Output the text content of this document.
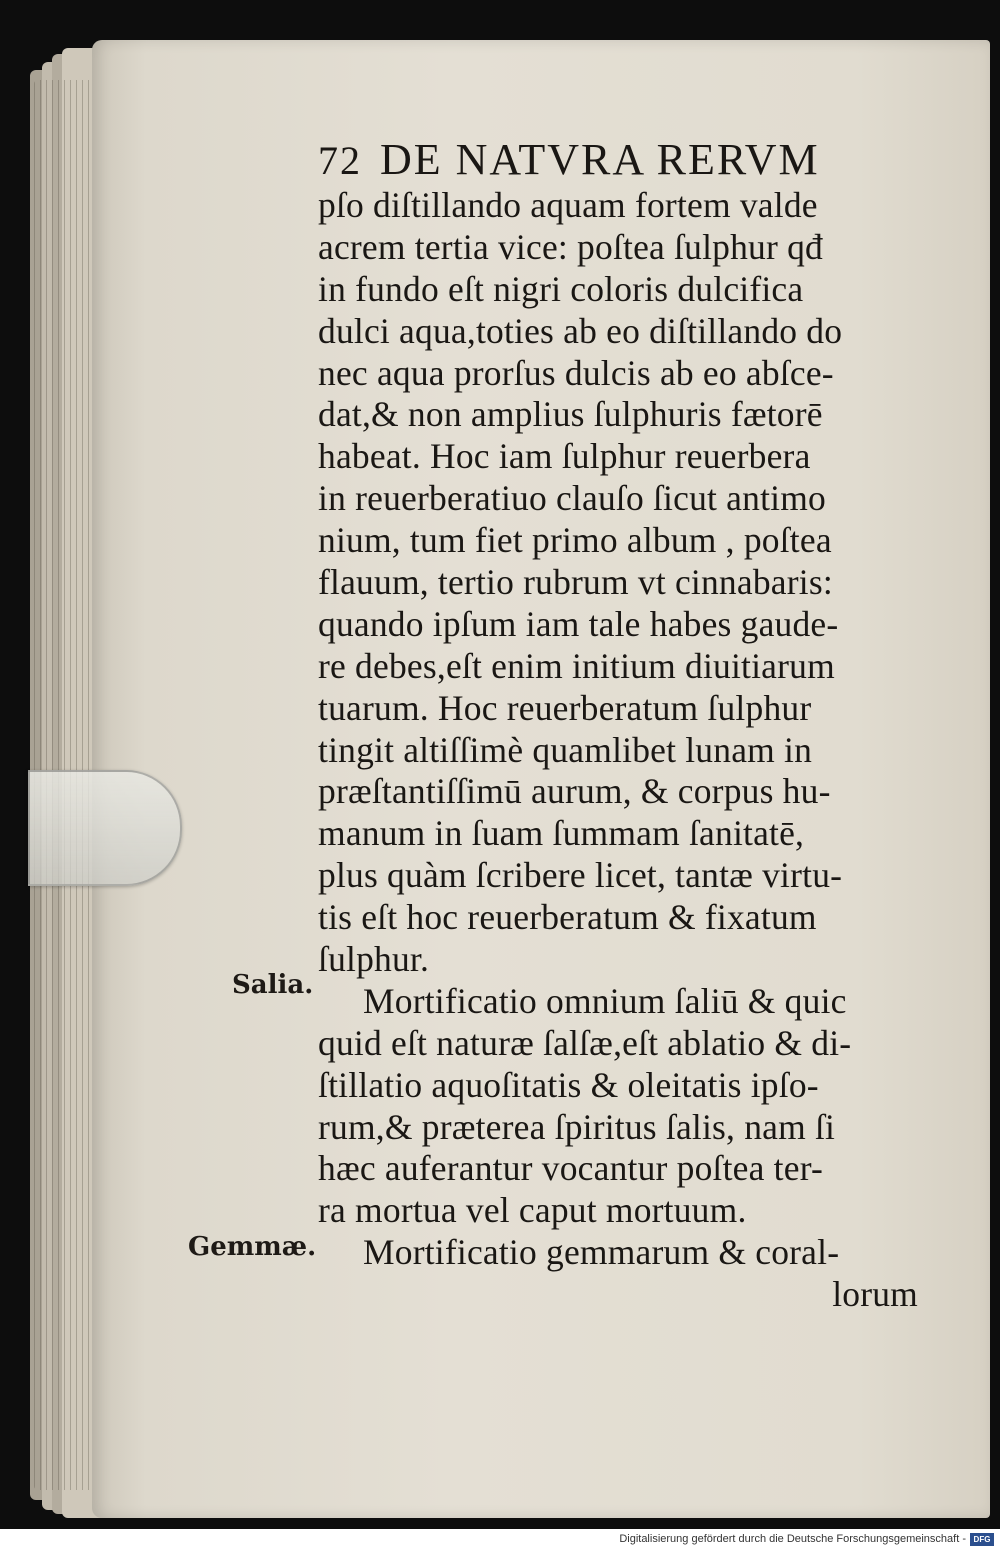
72 DE NATVRA RERVM
pſo diſtillando aquam fortem valde
acrem tertia vice: poſtea ſulphur qđ
in fundo eſt nigri coloris dulcifica
dulci aqua,toties ab eo diſtillando do
nec aqua prorſus dulcis ab eo abſce-
dat,& non amplius ſulphuris fætorē
habeat. Hoc iam ſulphur reuerbera
in reuerberatiuo clauſo ſicut antimo
nium, tum fiet primo album , poſtea
flauum, tertio rubrum vt cinnabaris:
quando ipſum iam tale habes gaude-
re debes,eſt enim initium diuitiarum
tuarum. Hoc reuerberatum ſulphur
tingit altiſſimè quamlibet lunam in
præſtantiſſimū aurum, & corpus hu-
manum in ſuam ſummam ſanitatē,
plus quàm ſcribere licet, tantæ virtu-
tis eſt hoc reuerberatum & fixatum
ſulphur.
Mortificatio omnium ſaliū & quic
quid eſt naturæ ſalſæ,eſt ablatio & di-
ſtillatio aquoſitatis & oleitatis ipſo-
rum,& præterea ſpiritus ſalis, nam ſi
hæc auferantur vocantur poſtea ter-
ra mortua vel caput mortuum.
Mortificatio gemmarum & coral-
lorum
Salia.
Gemmæ.
Digitalisierung gefördert durch die Deutsche Forschungsgemeinschaft - DFG
